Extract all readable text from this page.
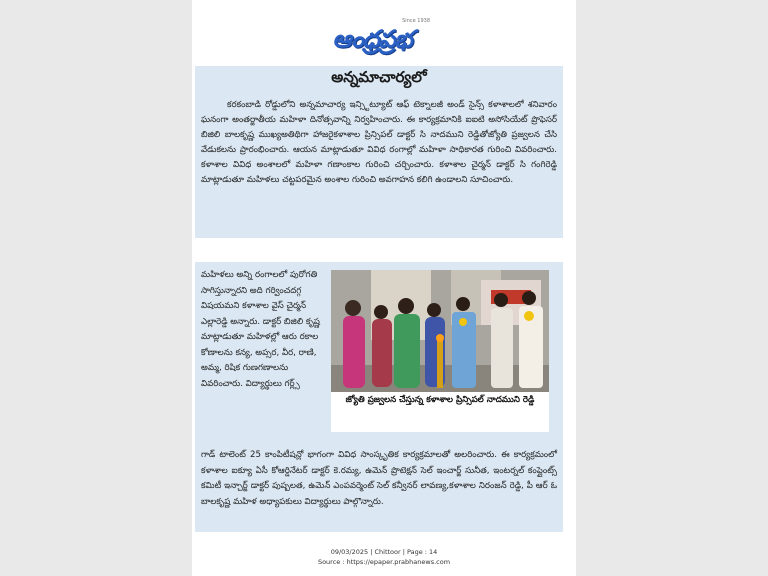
ఆంధ్రప్రభ
Since 1938
అన్నమాచార్యలో
కరకంబాడి రోడ్డులోని అన్నమాచార్య ఇన్స్టిట్యూట్ ఆఫ్ టెక్నాలజీ అండ్ సైన్స్ కళాశాలలో శనివారం ఘనంగా అంతర్జాతీయ మహిళా దినోత్సవాన్ని నిర్వహించారు. ఈ కార్యక్రమానికి ఐఐటి అసోసియేట్ ప్రొఫెసర్ బిజిలి బాలకృష్ణ ముఖ్యఅతిథిగా హాజరైకళాశాల ప్రిన్సిపల్ డాక్టర్ సి నాదముని రెడ్డితోజ్యోతి ప్రజ్వలన చేసి వేడుకలను ప్రారంభించారు. ఆయన మాట్లాడుతూ వివిధ రంగాల్లో మహిళా సాధికారత గురించి వివరించారు. కళాశాల వివిధ అంశాలలో మహిళా గణాంకాల గురించి చర్చించారు. కళాశాల చైర్మన్ డాక్టర్ సి గంగిరెడ్డి మాట్లాడుతూ మహిళలు చట్టపరమైన అంశాల గురించి అవగాహన కలిగి ఉండాలని సూచించారు.
మహిళలు అన్ని రంగాలలో పురోగతి సాగిస్తున్నారని అది గర్వించదగ్గ విషయమని కళాశాల వైస్ చైర్మన్ ఎల్లారెడ్డి అన్నారు. డాక్టర్ బిజిలి కృష్ణ మాట్లాడుతూ మహిళల్లో ఆరు రకాల కోణాలను కన్య, అప్సర, వీర, రాణి, అమ్మ, రిషిక గుణగణాలను వివరించారు. విద్యార్థులు గర్ల్స్
జ్యోతి ప్రజ్వలన చేస్తున్న కళాశాల ప్రిన్సిపల్ నాదముని రెడ్డి
గాడ్ టాలెంట్ 25 కాంపిటీషన్లో భాగంగా వివిధ సాంస్కృతిక కార్యక్రమాలతో అలరించారు. ఈ కార్యక్రమంలో కళాశాల ఐక్యూ ఏసీ కోఆర్డినేటర్ డాక్టర్ కె.రమ్య, ఉమెన్ ప్రొటెక్షన్ సెల్ ఇంచార్జ్ సునీత, ఇంటర్నల్ కంప్లైంట్స్ కమిటీ ఇన్చార్జ్ డాక్టర్ పుష్పలత, ఉమెన్ ఎంపవర్మెంట్ సెల్ కన్వీనర్ లావణ్య,కళాశాల నిరంజన్ రెడ్డి, పీ ఆర్ ఓ బాలకృష్ణ మహిళ అధ్యాపకులు విద్యార్థులు పాల్గొన్నారు.
09/03/2025 | Chittoor | Page : 14
Source : https://epaper.prabhanews.com
